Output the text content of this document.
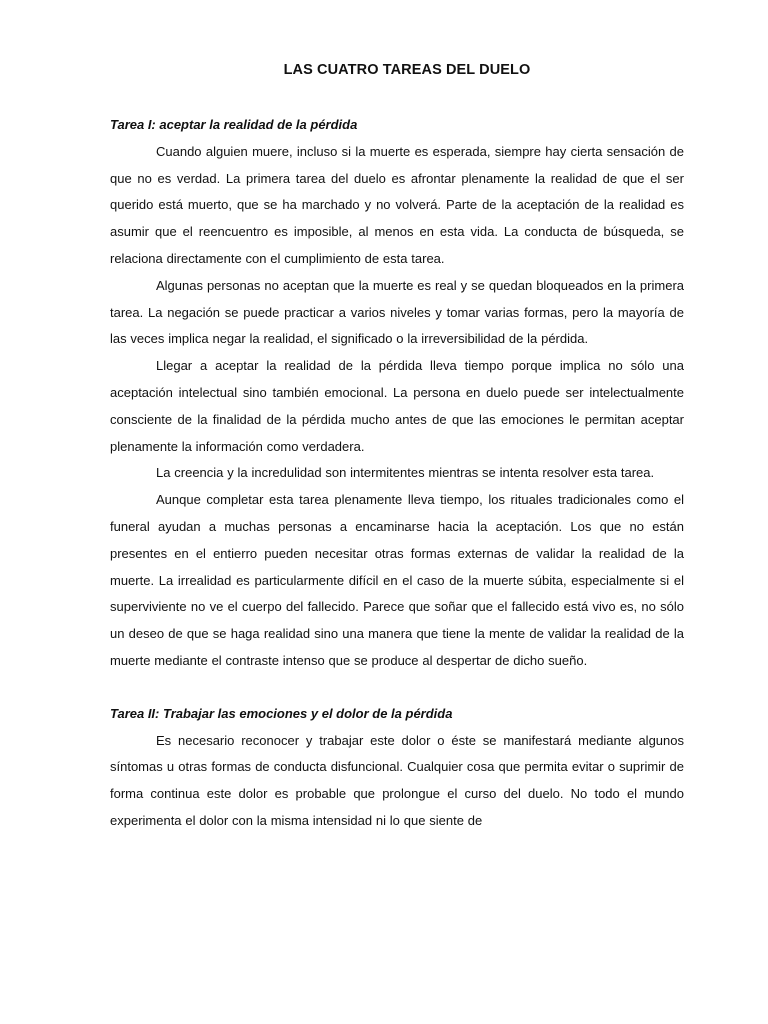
LAS CUATRO TAREAS DEL DUELO

Tarea I: aceptar la realidad de la pérdida

Cuando alguien muere, incluso si la muerte es esperada, siempre hay cierta sensación de que no es verdad. La primera tarea del duelo es afrontar plenamente la realidad de que el ser querido está muerto, que se ha marchado y no volverá. Parte de la aceptación de la realidad es asumir que el reencuentro es imposible, al menos en esta vida. La conducta de búsqueda, se relaciona directamente con el cumplimiento de esta tarea.

Algunas personas no aceptan que la muerte es real y se quedan bloqueados en la primera tarea. La negación se puede practicar a varios niveles y tomar varias formas, pero la mayoría de las veces implica negar la realidad, el significado o la irreversibilidad de la pérdida.

Llegar a aceptar la realidad de la pérdida lleva tiempo porque implica no sólo una aceptación intelectual sino también emocional. La persona en duelo puede ser intelectualmente consciente de la finalidad de la pérdida mucho antes de que las emociones le permitan aceptar plenamente la información como verdadera.

La creencia y la incredulidad son intermitentes mientras se intenta resolver esta tarea.

Aunque completar esta tarea plenamente lleva tiempo, los rituales tradicionales como el funeral ayudan a muchas personas a encaminarse hacia la aceptación. Los que no están presentes en el entierro pueden necesitar otras formas externas de validar la realidad de la muerte. La irrealidad es particularmente difícil en el caso de la muerte súbita, especialmente si el superviviente no ve el cuerpo del fallecido. Parece que soñar que el fallecido está vivo es, no sólo un deseo de que se haga realidad sino una manera que tiene la mente de validar la realidad de la muerte mediante el contraste intenso que se produce al despertar de dicho sueño.

Tarea II: Trabajar las emociones y el dolor de la pérdida

Es necesario reconocer y trabajar este dolor o éste se manifestará mediante algunos síntomas u otras formas de conducta disfuncional. Cualquier cosa que permita evitar o suprimir de forma continua este dolor es probable que prolongue el curso del duelo. No todo el mundo experimenta el dolor con la misma intensidad ni lo que siente de
